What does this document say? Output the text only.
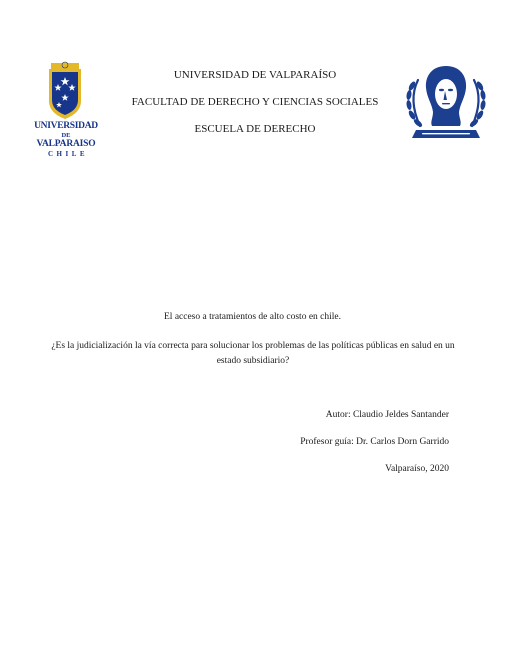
UNIVERSIDAD
DE
VALPARAISO
CHILE
UNIVERSIDAD DE VALPARAÍSO
FACULTAD DE DERECHO Y CIENCIAS SOCIALES
ESCUELA DE DERECHO
El acceso a tratamientos de alto costo en chile.
¿Es la judicialización la vía correcta para solucionar los problemas de las políticas públicas en salud en un estado subsidiario?
Autor: Claudio Jeldes Santander
Profesor guía: Dr. Carlos Dorn Garrido
Valparaíso, 2020
